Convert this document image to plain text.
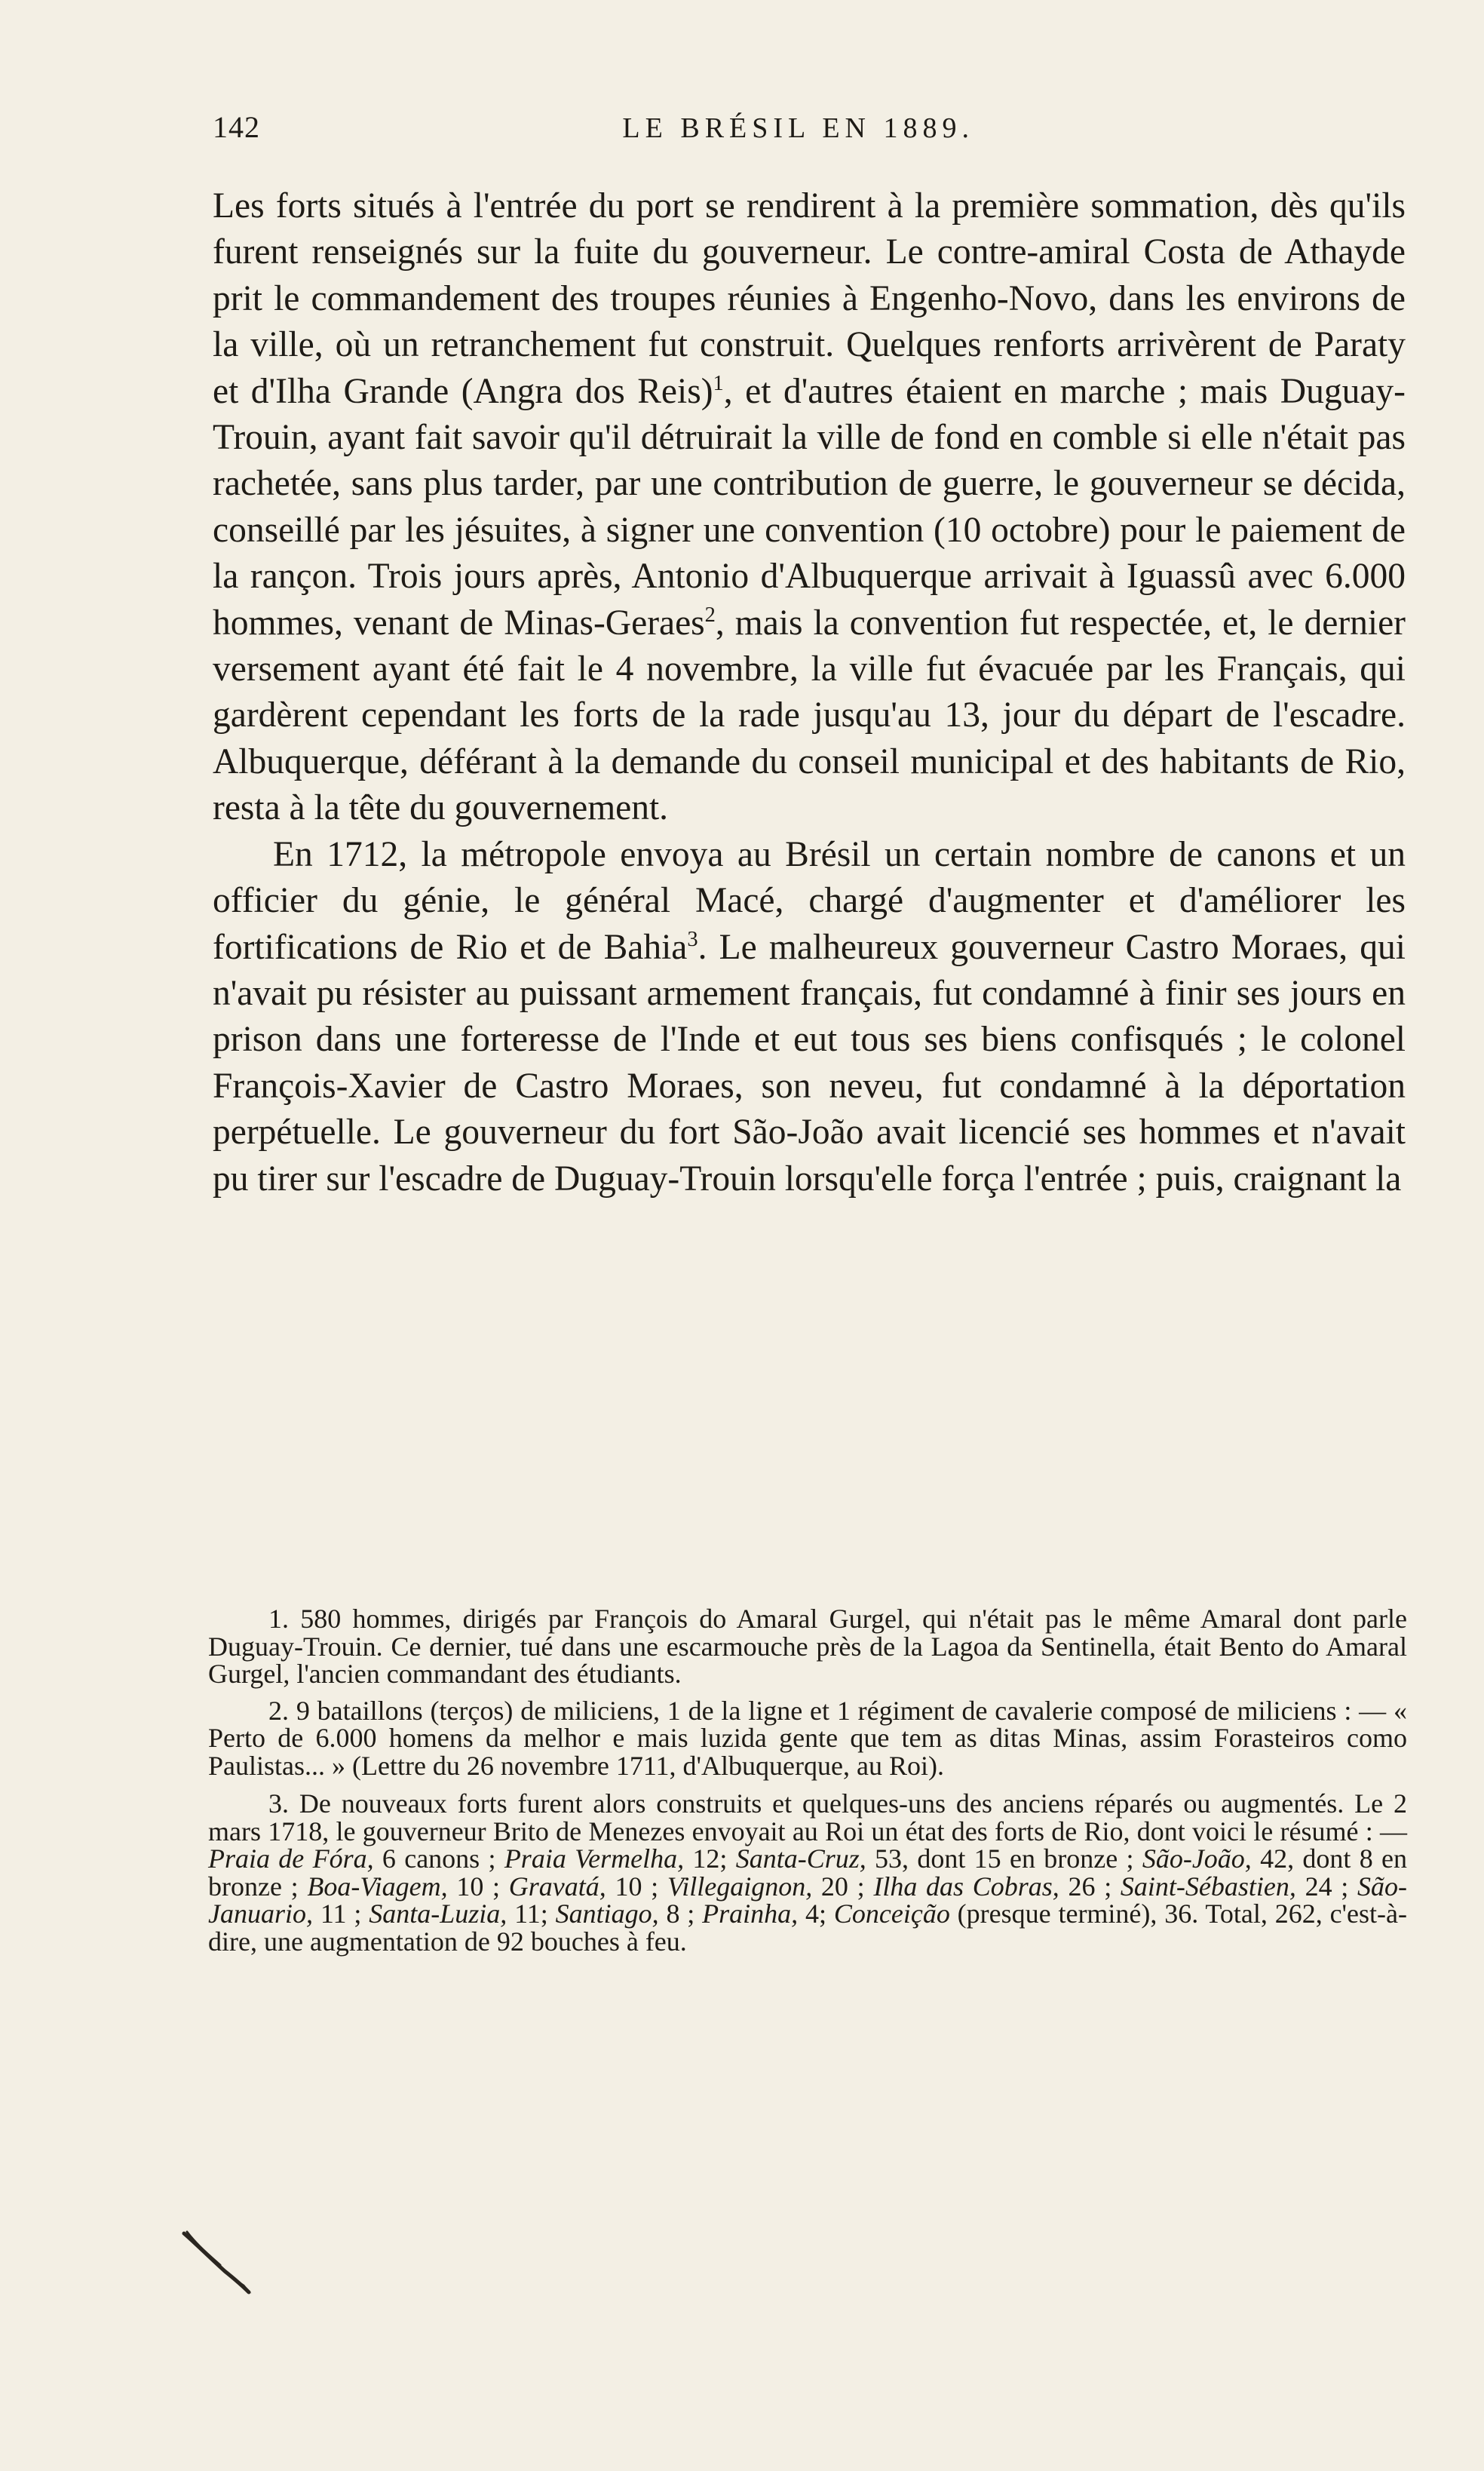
142	LE BRÉSIL EN 1889.

Les forts situés à l'entrée du port se rendirent à la première sommation, dès qu'ils furent renseignés sur la fuite du gouverneur. Le contre-amiral Costa de Athayde prit le commandement des troupes réunies à Engenho-Novo, dans les environs de la ville, où un retranchement fut construit. Quelques renforts arrivèrent de Paraty et d'Ilha Grande (Angra dos Reis)$^1$, et d'autres étaient en marche ; mais Duguay-Trouin, ayant fait savoir qu'il détruirait la ville de fond en comble si elle n'était pas rachetée, sans plus tarder, par une contribution de guerre, le gouverneur se décida, conseillé par les jésuites, à signer une convention (10 octobre) pour le paiement de la rançon. Trois jours après, Antonio d'Albuquerque arrivait à Iguassû avec 6.000 hommes, venant de Minas-Geraes$^2$, mais la convention fut respectée, et, le dernier versement ayant été fait le 4 novembre, la ville fut évacuée par les Français, qui gardèrent cependant les forts de la rade jusqu'au 13, jour du départ de l'escadre. Albuquerque, déférant à la demande du conseil municipal et des habitants de Rio, resta à la tête du gouvernement.

En 1712, la métropole envoya au Brésil un certain nombre de canons et un officier du génie, le général Macé, chargé d'augmenter et d'améliorer les fortifications de Rio et de Bahia$^3$. Le malheureux gouverneur Castro Moraes, qui n'avait pu résister au puissant armement français, fut condamné à finir ses jours en prison dans une forteresse de l'Inde et eut tous ses biens confisqués ; le colonel François-Xavier de Castro Moraes, son neveu, fut condamné à la déportation perpétuelle. Le gouverneur du fort São-João avait licencié ses hommes et n'avait pu tirer sur l'escadre de Duguay-Trouin lorsqu'elle força l'entrée ; puis, craignant la

1. 580 hommes, dirigés par François do Amaral Gurgel, qui n'était pas le même Amaral dont parle Duguay-Trouin. Ce dernier, tué dans une escarmouche près de la Lagoa da Sentinella, était Bento do Amaral Gurgel, l'ancien commandant des étudiants.

2. 9 bataillons (terços) de miliciens, 1 de la ligne et 1 régiment de cavalerie composé de miliciens : — « Perto de 6.000 homens da melhor e mais luzida gente que tem as ditas Minas, assim Forasteiros como Paulistas... » (Lettre du 26 novembre 1711, d'Albuquerque, au Roi).

3. De nouveaux forts furent alors construits et quelques-uns des anciens réparés ou augmentés. Le 2 mars 1718, le gouverneur Brito de Menezes envoyait au Roi un état des forts de Rio, dont voici le résumé : — Praia de Fóra, 6 canons ; Praia Vermelha, 12; Santa-Cruz, 53, dont 15 en bronze ; São-João, 42, dont 8 en bronze ; Boa-Viagem, 10 ; Gravatá, 10 ; Villegaignon, 20 ; Ilha das Cobras, 26 ; Saint-Sébastien, 24 ; São-Januario, 11 ; Santa-Luzia, 11; Santiago, 8 ; Prainha, 4; Conceição (presque terminé), 36. Total, 262, c'est-à-dire, une augmentation de 92 bouches à feu.
